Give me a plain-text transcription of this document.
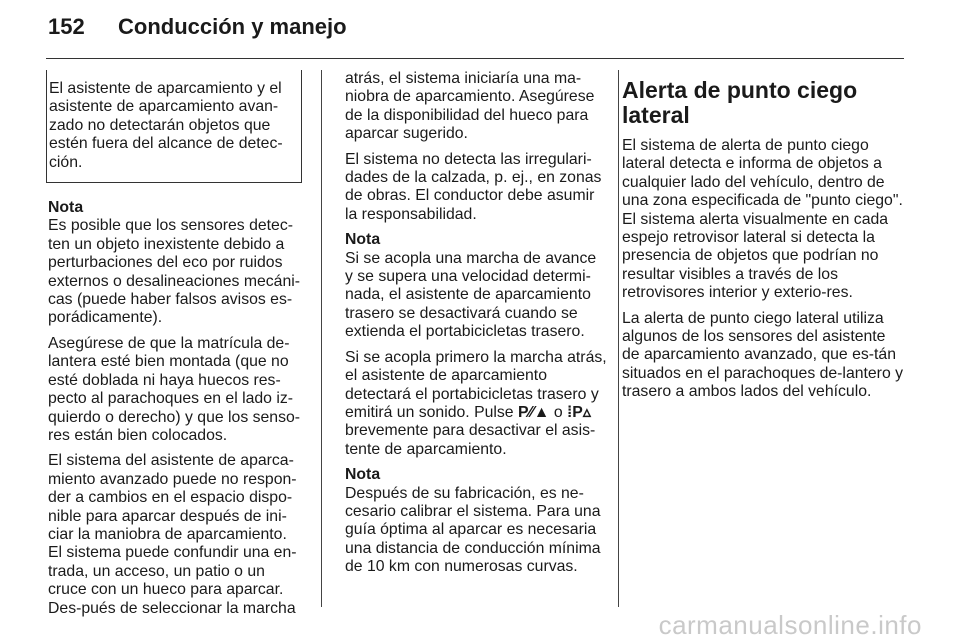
152 Conducción y manejo

El asistente de aparcamiento y el asistente de aparcamiento avan-zado no detectarán objetos que estén fuera del alcance de detec-ción.

Nota

Es posible que los sensores detec-ten un objeto inexistente debido a perturbaciones del eco por ruidos externos o desalineaciones mecáni-cas (puede haber falsos avisos es-porádicamente).

Asegúrese de que la matrícula de-lantera esté bien montada (que no esté doblada ni haya huecos res-pecto al parachoques en el lado iz-quierdo o derecho) y que los senso-res están bien colocados.

El sistema del asistente de aparca-miento avanzado puede no respon-der a cambios en el espacio dispo-nible para aparcar después de ini-ciar la maniobra de aparcamiento. El sistema puede confundir una en-trada, un acceso, un patio o un cruce con un hueco para aparcar. Des-pués de seleccionar la marcha

atrás, el sistema iniciaría una ma-niobra de aparcamiento. Asegúrese de la disponibilidad del hueco para aparcar sugerido.

El sistema no detecta las irregulari-dades de la calzada, p. ej., en zonas de obras. El conductor debe asumir la responsabilidad.

Nota

Si se acopla una marcha de avance y se supera una velocidad determi-nada, el asistente de aparcamiento trasero se desactivará cuando se extienda el portabicicletas trasero.

Si se acopla primero la marcha atrás, el asistente de aparcamiento detectará el portabicicletas trasero y emitirá un sonido. Pulse P⁄⁄▲ o ⁞P▵ brevemente para desactivar el asis-tente de aparcamiento.

Nota

Después de su fabricación, es ne-cesario calibrar el sistema. Para una guía óptima al aparcar es necesaria una distancia de conducción mínima de 10 km con numerosas curvas.

Alerta de punto ciego lateral

El sistema de alerta de punto ciego lateral detecta e informa de objetos a cualquier lado del vehículo, dentro de una zona especificada de "punto ciego". El sistema alerta visualmente en cada espejo retrovisor lateral si detecta la presencia de objetos que podrían no resultar visibles a través de los retrovisores interior y exterio-res.

La alerta de punto ciego lateral utiliza algunos de los sensores del asistente de aparcamiento avanzado, que es-tán situados en el parachoques de-lantero y trasero a ambos lados del vehículo.

carmanualsonline.info
